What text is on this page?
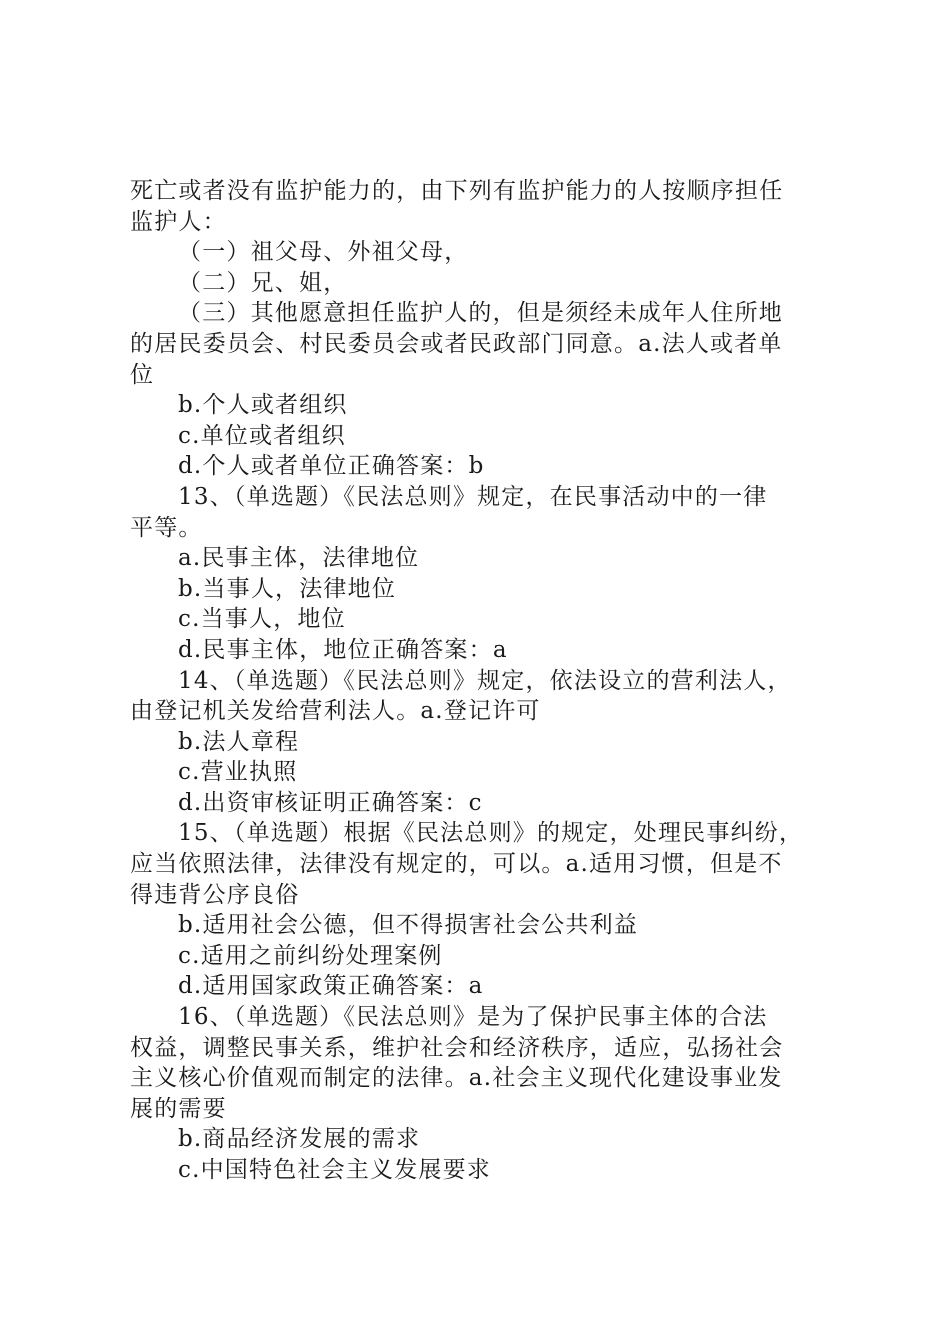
死亡或者没有监护能力的，由下列有监护能力的人按顺序担任
监护人：
（一）祖父母、外祖父母，
（二）兄、姐，
（三）其他愿意担任监护人的，但是须经未成年人住所地
的居民委员会、村民委员会或者民政部门同意。a.法人或者单
位
b.个人或者组织
c.单位或者组织
d.个人或者单位正确答案：b
13、（单选题）《民法总则》规定，在民事活动中的一律
平等。
a.民事主体，法律地位
b.当事人，法律地位
c.当事人，地位
d.民事主体，地位正确答案：a
14、（单选题）《民法总则》规定，依法设立的营利法人，
由登记机关发给营利法人。a.登记许可
b.法人章程
c.营业执照
d.出资审核证明正确答案：c
15、（单选题）根据《民法总则》的规定，处理民事纠纷，
应当依照法律，法律没有规定的，可以。a.适用习惯，但是不
得违背公序良俗
b.适用社会公德，但不得损害社会公共利益
c.适用之前纠纷处理案例
d.适用国家政策正确答案：a
16、（单选题）《民法总则》是为了保护民事主体的合法
权益，调整民事关系，维护社会和经济秩序，适应，弘扬社会
主义核心价值观而制定的法律。a.社会主义现代化建设事业发
展的需要
b.商品经济发展的需求
c.中国特色社会主义发展要求
